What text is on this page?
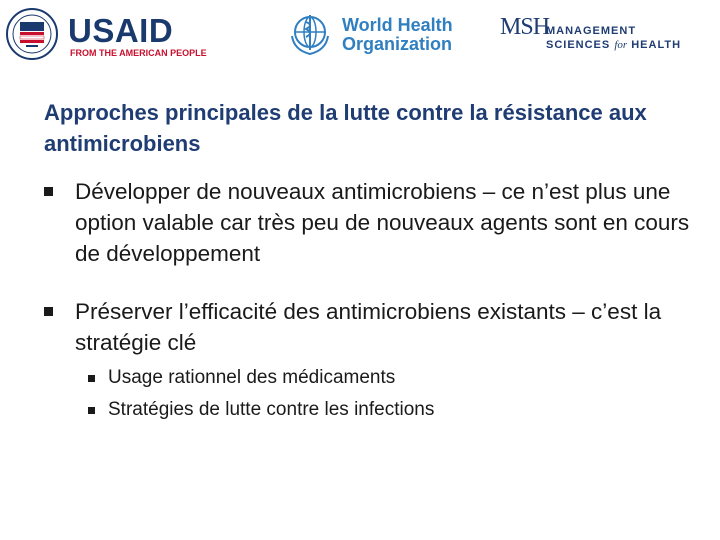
USAID
FROM THE AMERICAN PEOPLE
World Health
Organization
MSH
MANAGEMENT
SCIENCES for HEALTH
Approches principales de la lutte contre la résistance aux antimicrobiens
Développer de nouveaux antimicrobiens – ce n’est plus une option valable car très peu de nouveaux agents sont en cours de développement
Préserver l’efficacité des antimicrobiens existants – c’est la stratégie clé
Usage rationnel des médicaments
Stratégies de lutte contre les infections
